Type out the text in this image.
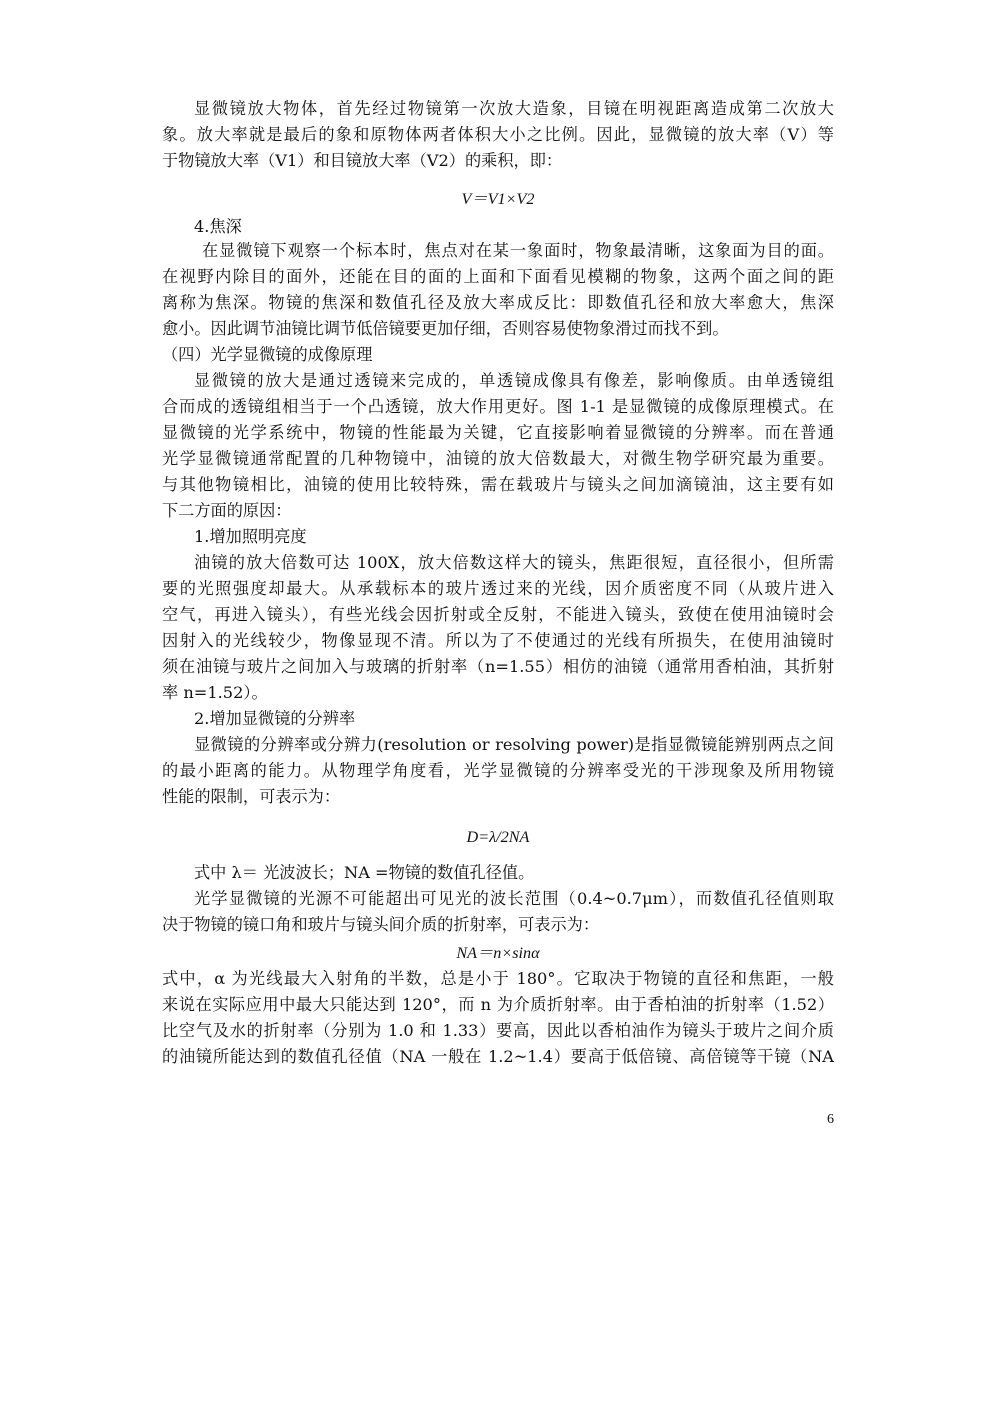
显微镜放大物体，首先经过物镜第一次放大造象，目镜在明视距离造成第二次放大
象。放大率就是最后的象和原物体两者体积大小之比例。因此，显微镜的放大率（V）等
于物镜放大率（V1）和目镜放大率（V2）的乘积，即：
V＝V1×V2
4.焦深
在显微镜下观察一个标本时，焦点对在某一象面时，物象最清晰，这象面为目的面。
在视野内除目的面外，还能在目的面的上面和下面看见模糊的物象，这两个面之间的距
离称为焦深。物镜的焦深和数值孔径及放大率成反比：即数值孔径和放大率愈大，焦深
愈小。因此调节油镜比调节低倍镜要更加仔细，否则容易使物象滑过而找不到。
（四）光学显微镜的成像原理
显微镜的放大是通过透镜来完成的，单透镜成像具有像差，影响像质。由单透镜组
合而成的透镜组相当于一个凸透镜，放大作用更好。图 1-1 是显微镜的成像原理模式。在
显微镜的光学系统中，物镜的性能最为关键，它直接影响着显微镜的分辨率。而在普通
光学显微镜通常配置的几种物镜中，油镜的放大倍数最大，对微生物学研究最为重要。
与其他物镜相比，油镜的使用比较特殊，需在载玻片与镜头之间加滴镜油，这主要有如
下二方面的原因：
1.增加照明亮度
油镜的放大倍数可达 100X，放大倍数这样大的镜头，焦距很短，直径很小，但所需
要的光照强度却最大。从承载标本的玻片透过来的光线，因介质密度不同（从玻片进入
空气，再进入镜头），有些光线会因折射或全反射，不能进入镜头，致使在使用油镜时会
因射入的光线较少，物像显现不清。所以为了不使通过的光线有所损失，在使用油镜时
须在油镜与玻片之间加入与玻璃的折射率（n=1.55）相仿的油镜（通常用香柏油，其折射
率 n=1.52）。
2.增加显微镜的分辨率
显微镜的分辨率或分辨力(resolution or resolving power)是指显微镜能辨别两点之间
的最小距离的能力。从物理学角度看，光学显微镜的分辨率受光的干涉现象及所用物镜
性能的限制，可表示为：
D=λ/2NA
式中 λ＝ 光波波长；NA =物镜的数值孔径值。
光学显微镜的光源不可能超出可见光的波长范围（0.4~0.7μm），而数值孔径值则取
决于物镜的镜口角和玻片与镜头间介质的折射率，可表示为：
NA＝n×sinα
式中，α 为光线最大入射角的半数，总是小于 180°。它取决于物镜的直径和焦距，一般
来说在实际应用中最大只能达到 120°，而 n 为介质折射率。由于香柏油的折射率（1.52）
比空气及水的折射率（分别为 1.0 和 1.33）要高，因此以香柏油作为镜头于玻片之间介质
的油镜所能达到的数值孔径值（NA 一般在 1.2~1.4）要高于低倍镜、高倍镜等干镜（NA
6
